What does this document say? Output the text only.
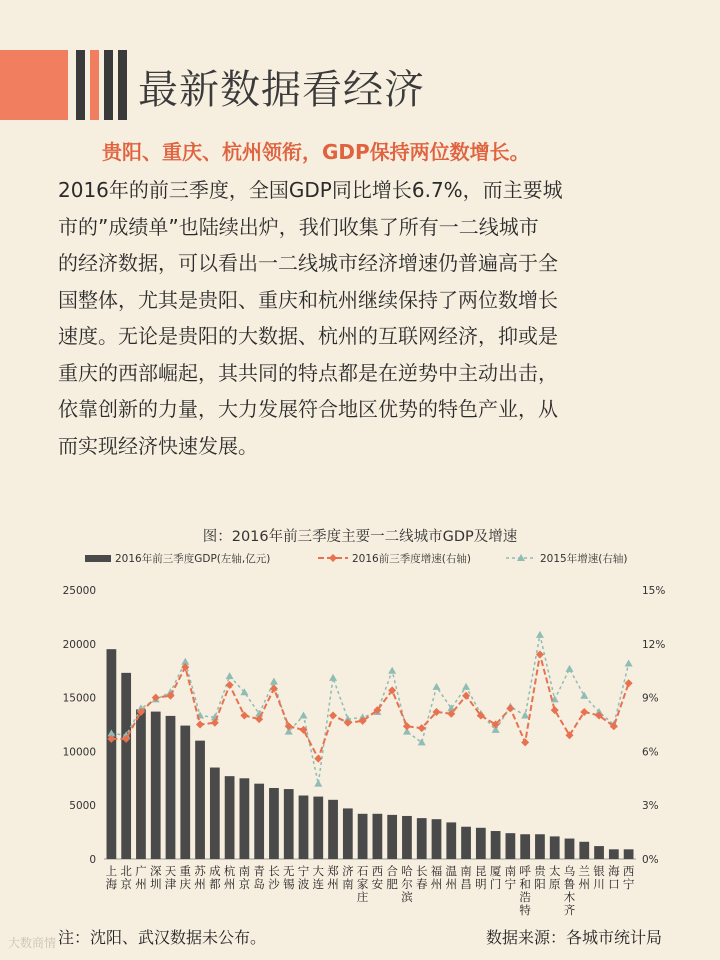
最新数据看经济
贵阳、重庆、杭州领衔，GDP保持两位数增长。
2016年的前三季度，全国GDP同比增长6.7%，而主要城
市的”成绩单”也陆续出炉，我们收集了所有一二线城市
的经济数据，可以看出一二线城市经济增速仍普遍高于全
国整体，尤其是贵阳、重庆和杭州继续保持了两位数增长
速度。无论是贵阳的大数据、杭州的互联网经济，抑或是
重庆的西部崛起，其共同的特点都是在逆势中主动出击，
依靠创新的力量，大力发展符合地区优势的特色产业，从
而实现经济快速发展。
图：2016年前三季度主要一二线城市GDP及增速
2016年前三季度GDP(左轴,亿元)	2016前三季度增速(右轴)	2015年增速(右轴)
0
5000
10000
15000
20000
25000
0%
3%
6%
9%
12%
15%
上海
北京
广州
深圳
天津
重庆
苏州
成都
杭州
南京
青岛
长沙
无锡
宁波
大连
郑州
济南
石家庄
西安
合肥
哈尔滨
长春
福州
温州
南昌
昆明
厦门
南宁
呼和浩特
贵阳
太原
乌鲁木齐
兰州
银川
海口
西宁
注：沈阳、武汉数据未公布。	数据来源：各城市统计局
大数商情
